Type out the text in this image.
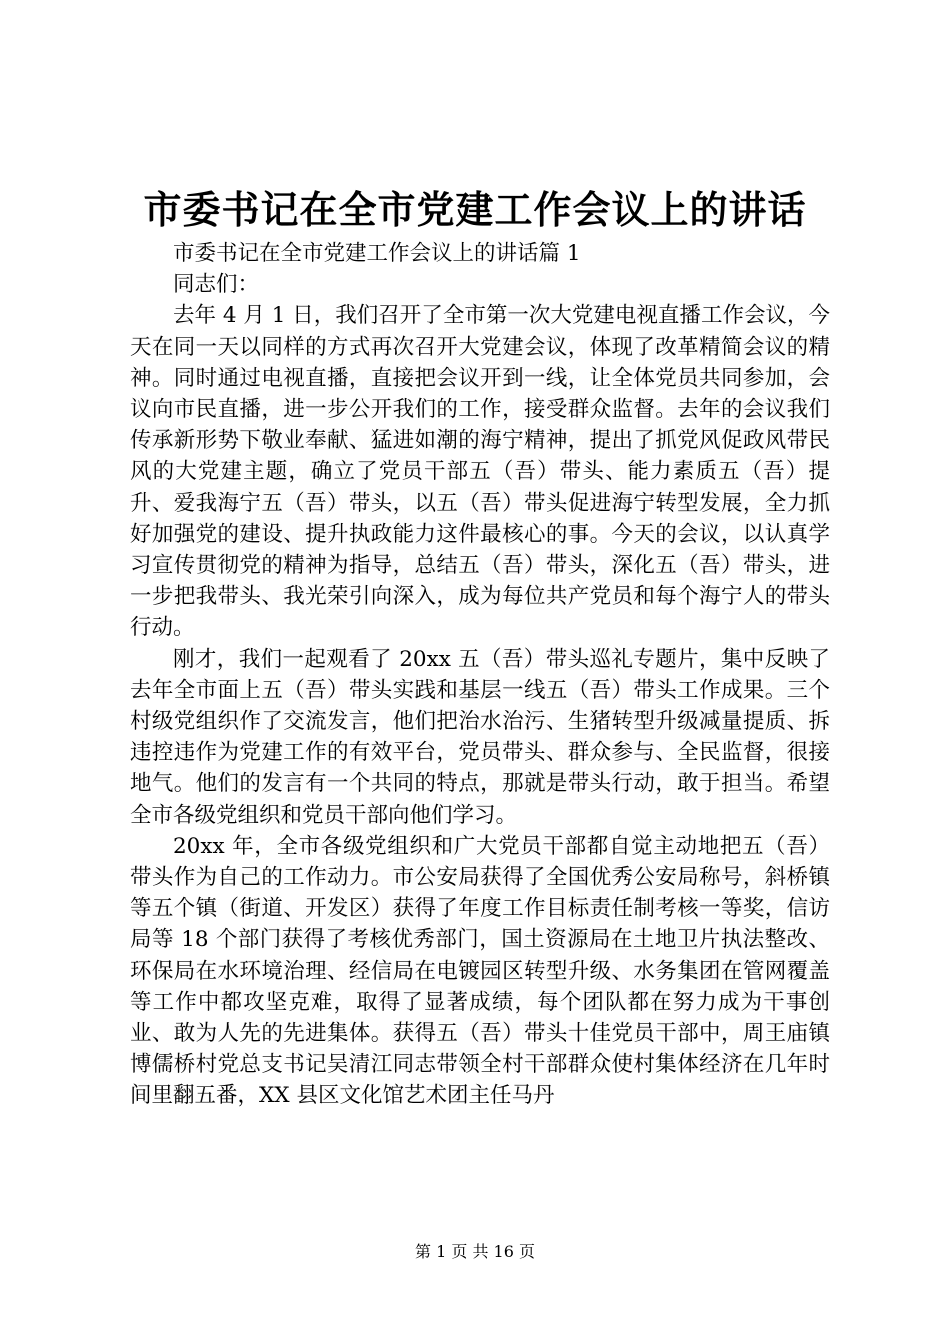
市委书记在全市党建工作会议上的讲话
市委书记在全市党建工作会议上的讲话篇 1
同志们：

去年 4 月 1 日，我们召开了全市第一次大党建电视直播工作会议，今天在同一天以同样的方式再次召开大党建会议，体现了改革精简会议的精神。同时通过电视直播，直接把会议开到一线，让全体党员共同参加，会议向市民直播，进一步公开我们的工作，接受群众监督。去年的会议我们传承新形势下敬业奉献、猛进如潮的海宁精神，提出了抓党风促政风带民风的大党建主题，确立了党员干部五（吾）带头、能力素质五（吾）提升、爱我海宁五（吾）带头，以五（吾）带头促进海宁转型发展，全力抓好加强党的建设、提升执政能力这件最核心的事。今天的会议，以认真学习宣传贯彻党的精神为指导，总结五（吾）带头，深化五（吾）带头，进一步把我带头、我光荣引向深入，成为每位共产党员和每个海宁人的带头行动。

刚才，我们一起观看了 20xx 五（吾）带头巡礼专题片，集中反映了去年全市面上五（吾）带头实践和基层一线五（吾）带头工作成果。三个村级党组织作了交流发言，他们把治水治污、生猪转型升级减量提质、拆违控违作为党建工作的有效平台，党员带头、群众参与、全民监督，很接地气。他们的发言有一个共同的特点，那就是带头行动，敢于担当。希望全市各级党组织和党员干部向他们学习。

20xx 年，全市各级党组织和广大党员干部都自觉主动地把五（吾）带头作为自己的工作动力。市公安局获得了全国优秀公安局称号，斜桥镇等五个镇（街道、开发区）获得了年度工作目标责任制考核一等奖，信访局等 18 个部门获得了考核优秀部门，国土资源局在土地卫片执法整改、环保局在水环境治理、经信局在电镀园区转型升级、水务集团在管网覆盖等工作中都攻坚克难，取得了显著成绩，每个团队都在努力成为干事创业、敢为人先的先进集体。获得五（吾）带头十佳党员干部中，周王庙镇博儒桥村党总支书记吴清江同志带领全村干部群众使村集体经济在几年时间里翻五番，XX 县区文化馆艺术团主任马丹

第 1 页 共 16 页
